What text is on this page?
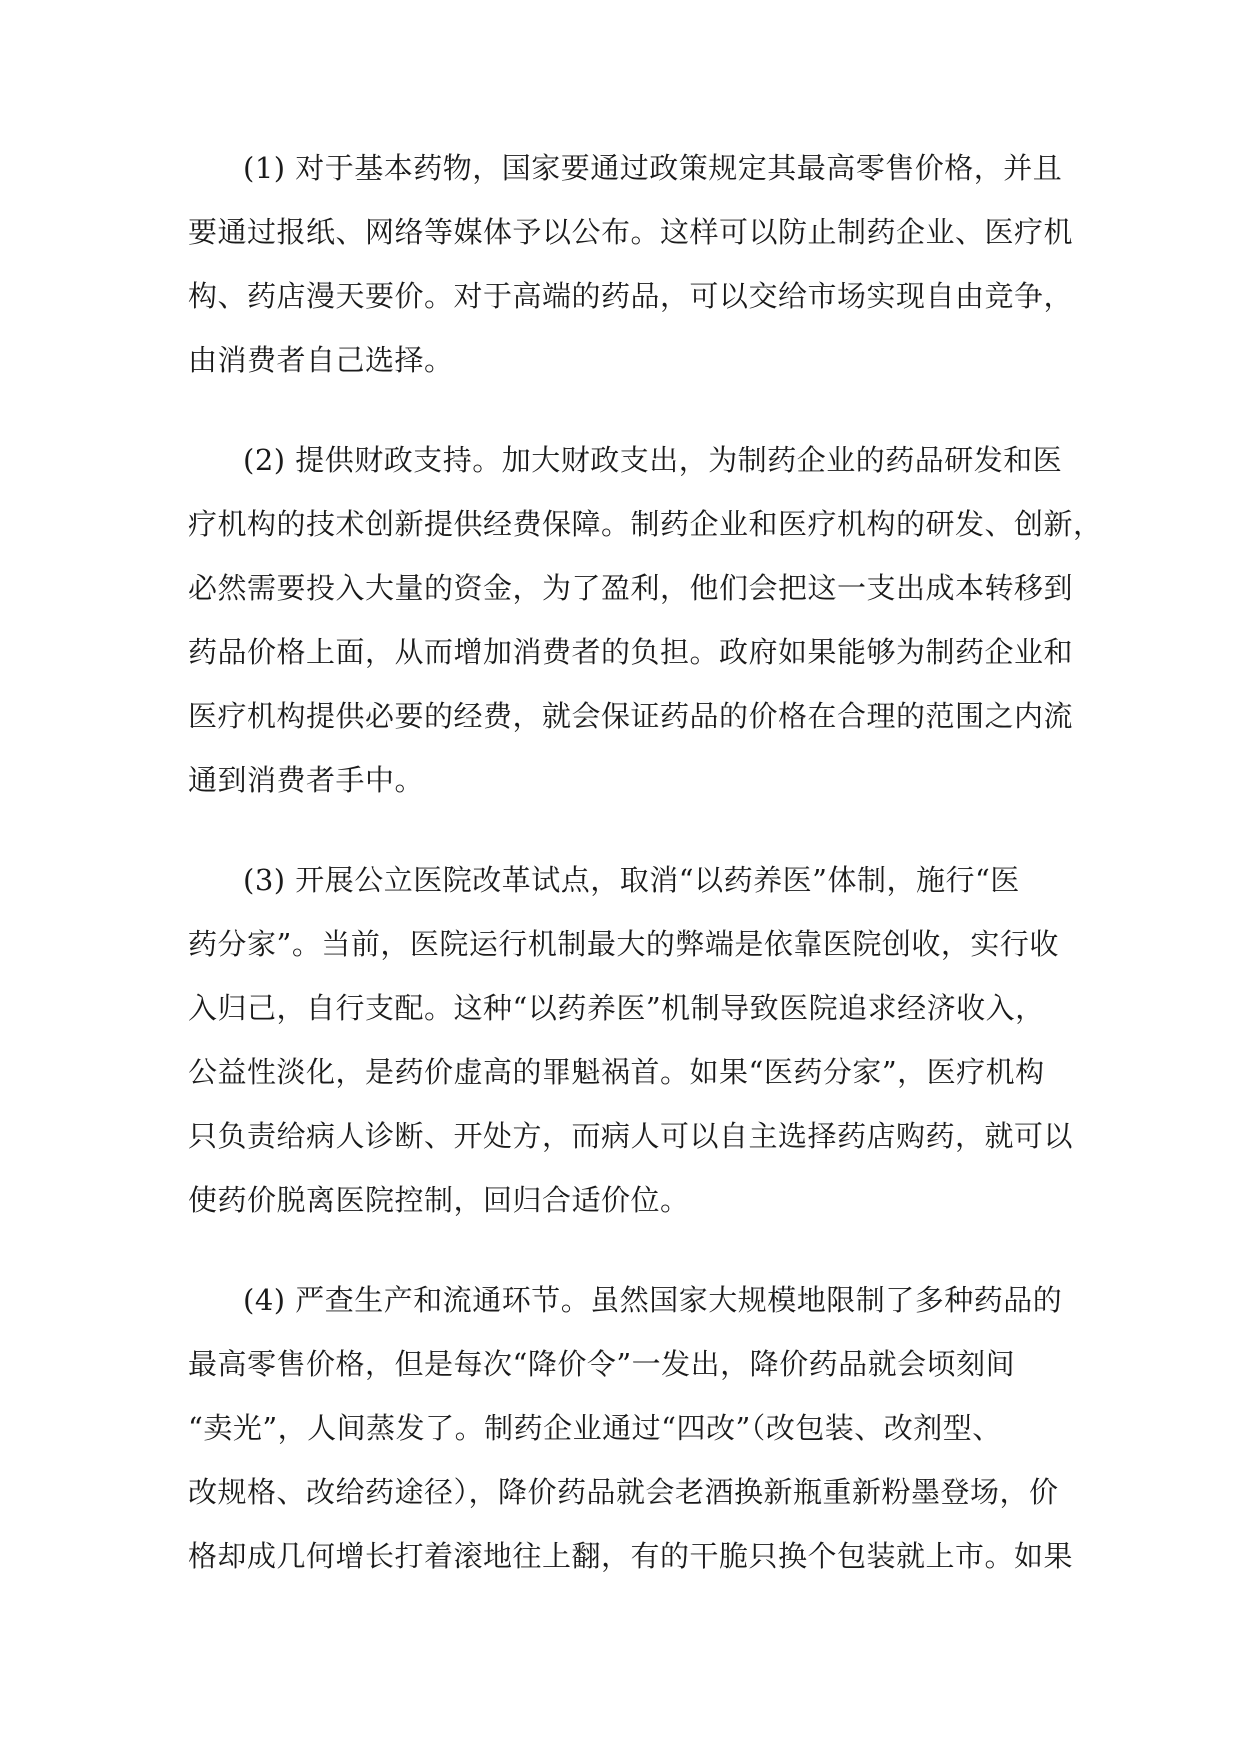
(1) 对于基本药物，国家要通过政策规定其最高零售价格，并且
要通过报纸、网络等媒体予以公布。这样可以防止制药企业、医疗机
构、药店漫天要价。对于高端的药品，可以交给市场实现自由竞争，
由消费者自己选择。
(2) 提供财政支持。加大财政支出，为制药企业的药品研发和医
疗机构的技术创新提供经费保障。制药企业和医疗机构的研发、创新，
必然需要投入大量的资金，为了盈利，他们会把这一支出成本转移到
药品价格上面，从而增加消费者的负担。政府如果能够为制药企业和
医疗机构提供必要的经费，就会保证药品的价格在合理的范围之内流
通到消费者手中。
(3) 开展公立医院改革试点，取消“以药养医”体制，施行“医
药分家”。当前，医院运行机制最大的弊端是依靠医院创收，实行收
入归己，自行支配。这种“以药养医”机制导致医院追求经济收入，
公益性淡化，是药价虚高的罪魁祸首。如果“医药分家”，医疗机构
只负责给病人诊断、开处方，而病人可以自主选择药店购药，就可以
使药价脱离医院控制，回归合适价位。
(4) 严查生产和流通环节。虽然国家大规模地限制了多种药品的
最高零售价格，但是每次“降价令”一发出，降价药品就会顷刻间
“卖光”，人间蒸发了。制药企业通过“四改”（改包装、改剂型、
改规格、改给药途径），降价药品就会老酒换新瓶重新粉墨登场，价
格却成几何增长打着滚地往上翻，有的干脆只换个包装就上市。如果
